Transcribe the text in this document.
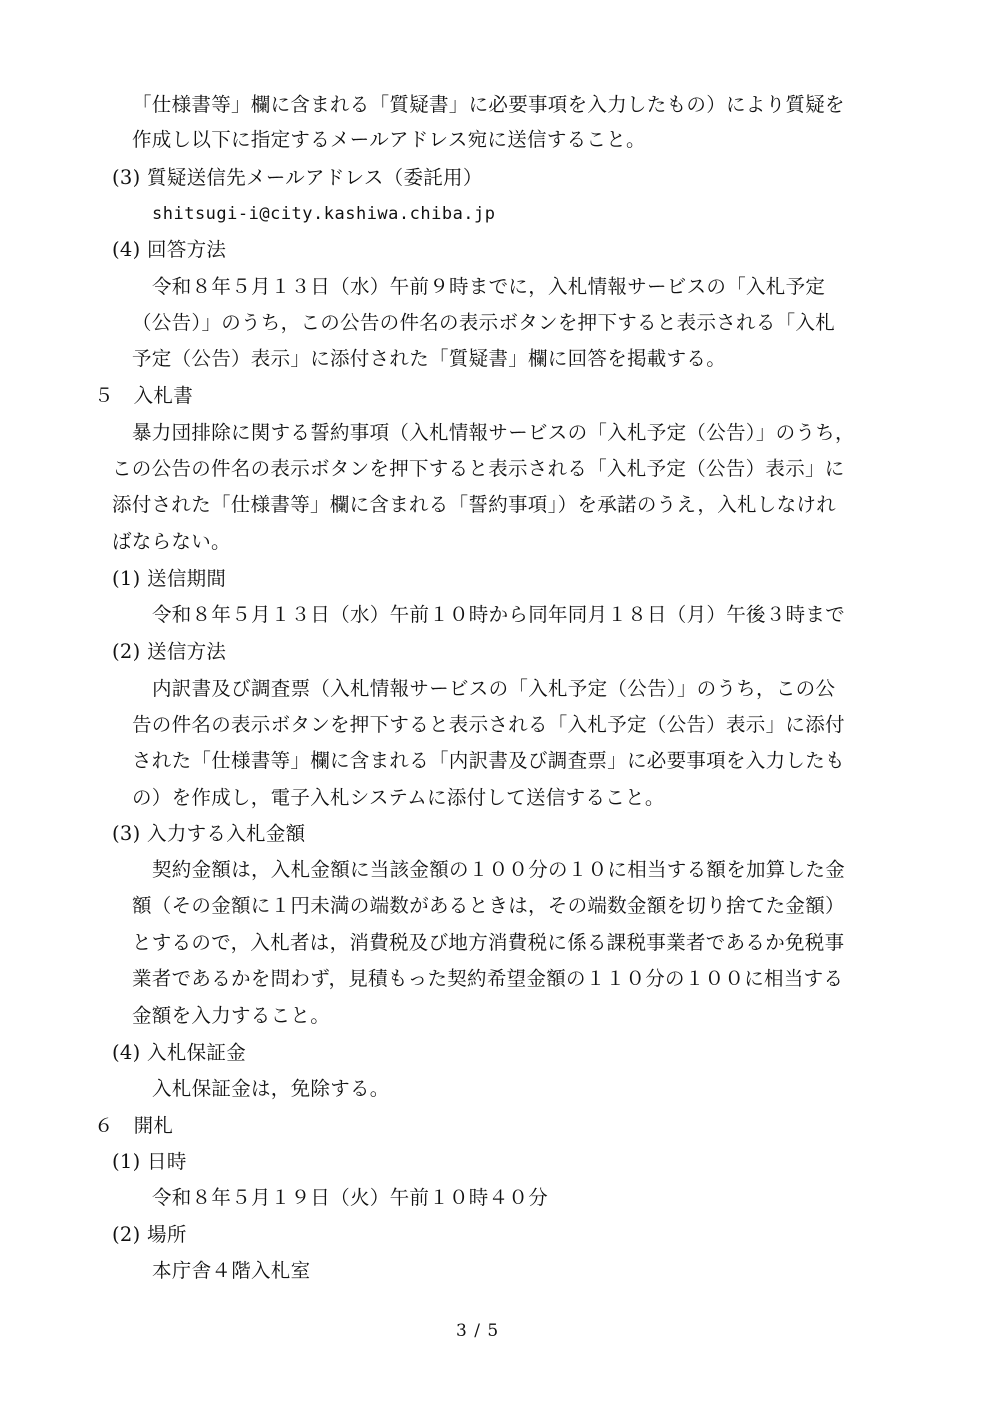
「仕様書等」欄に含まれる「質疑書」に必要事項を入力したもの）により質疑を
作成し以下に指定するメールアドレス宛に送信すること。
(3) 質疑送信先メールアドレス（委託用）
shitsugi-i@city.kashiwa.chiba.jp
(4) 回答方法
令和８年５月１３日（水）午前９時までに，入札情報サービスの「入札予定
（公告）」のうち，この公告の件名の表示ボタンを押下すると表示される「入札
予定（公告）表示」に添付された「質疑書」欄に回答を掲載する。
５　入札書
暴力団排除に関する誓約事項（入札情報サービスの「入札予定（公告）」のうち，
この公告の件名の表示ボタンを押下すると表示される「入札予定（公告）表示」に
添付された「仕様書等」欄に含まれる「誓約事項」）を承諾のうえ，入札しなけれ
ばならない。
(1) 送信期間
令和８年５月１３日（水）午前１０時から同年同月１８日（月）午後３時まで
(2) 送信方法
内訳書及び調査票（入札情報サービスの「入札予定（公告）」のうち，この公
告の件名の表示ボタンを押下すると表示される「入札予定（公告）表示」に添付
された「仕様書等」欄に含まれる「内訳書及び調査票」に必要事項を入力したも
の）を作成し，電子入札システムに添付して送信すること。
(3) 入力する入札金額
契約金額は，入札金額に当該金額の１００分の１０に相当する額を加算した金
額（その金額に１円未満の端数があるときは，その端数金額を切り捨てた金額）
とするので，入札者は，消費税及び地方消費税に係る課税事業者であるか免税事
業者であるかを問わず，見積もった契約希望金額の１１０分の１００に相当する
金額を入力すること。
(4) 入札保証金
入札保証金は，免除する。
６　開札
(1) 日時
令和８年５月１９日（火）午前１０時４０分
(2) 場所
本庁舎４階入札室
3 / 5
